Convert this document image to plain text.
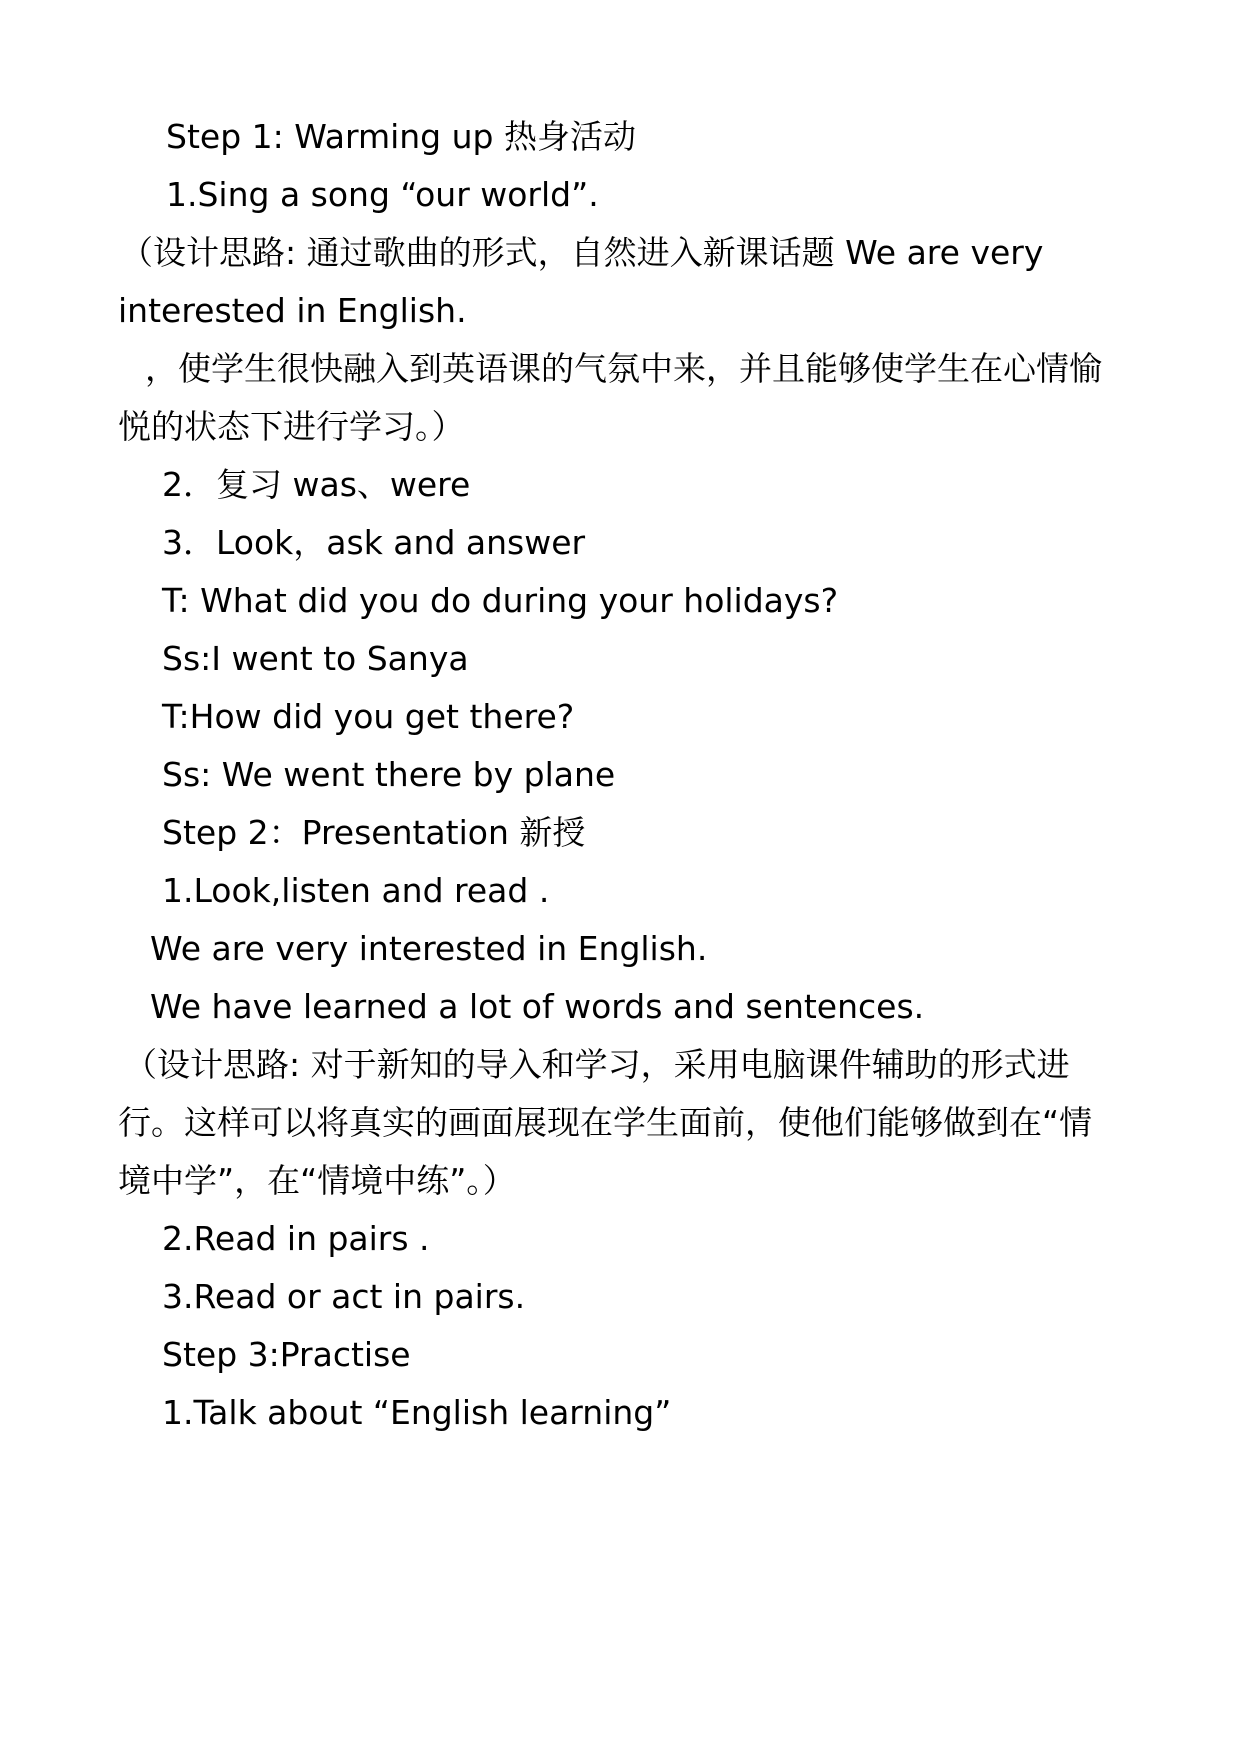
Step 1: Warming up 热身活动
1.Sing a song “our world”.
（设计思路: 通过歌曲的形式，自然进入新课话题 We are very
interested in English.
，使学生很快融入到英语课的气氛中来，并且能够使学生在心情愉
悦的状态下进行学习。）
2．复习 was、were
3．Look，ask and answer
T: What did you do during your holidays?
Ss:I went to Sanya
T:How did you get there?
Ss: We went there by plane
Step 2：Presentation 新授
1.Look,listen and read .
We are very interested in English.
We have learned a lot of words and sentences.
（设计思路: 对于新知的导入和学习，采用电脑课件辅助的形式进
行。这样可以将真实的画面展现在学生面前，使他们能够做到在“情
境中学”，在“情境中练”。）
2.Read in pairs .
3.Read or act in pairs.
Step 3:Practise
1.Talk about “English learning”
